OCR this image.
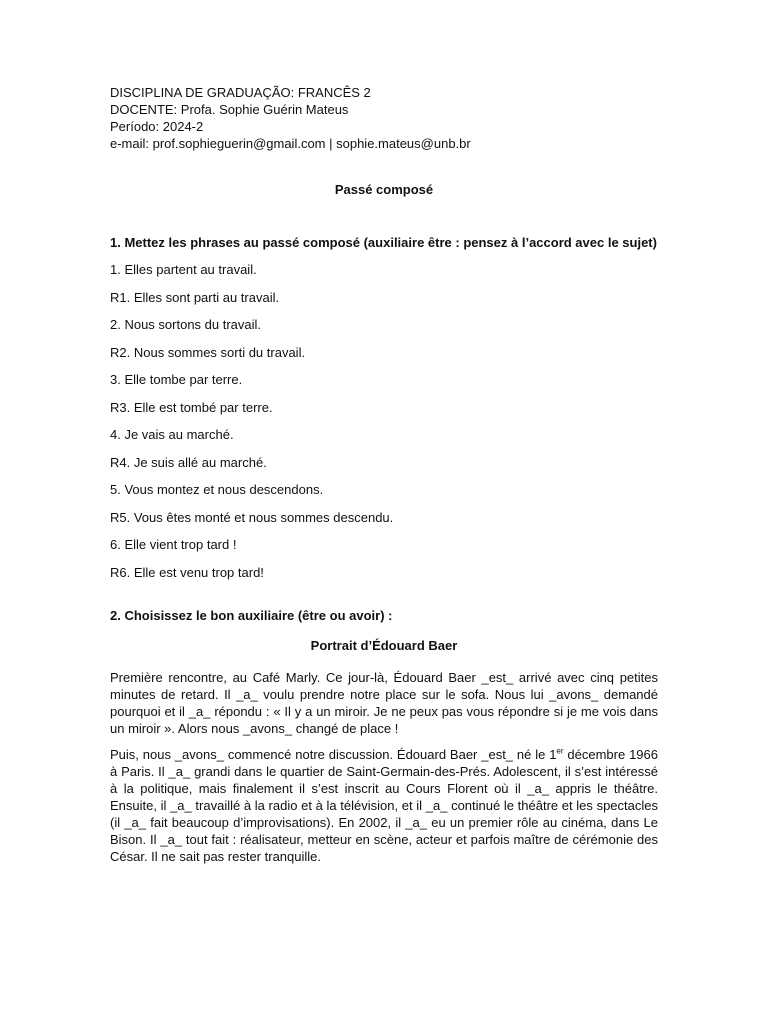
DISCIPLINA DE GRADUAÇÃO: FRANCÊS 2

DOCENTE: Profa. Sophie Guérin Mateus

Período: 2024-2

e-mail: prof.sophieguerin@gmail.com | sophie.mateus@unb.br

Passé composé

1. Mettez les phrases au passé composé (auxiliaire être : pensez à l’accord avec le sujet)

1. Elles partent au travail.

R1. Elles sont parti au travail.

2. Nous sortons du travail.

R2. Nous sommes sorti du travail.

3. Elle tombe par terre.

R3. Elle est tombé par terre.

4. Je vais au marché.

R4. Je suis allé au marché.

5. Vous montez et nous descendons.

R5. Vous êtes monté et nous sommes descendu.

6. Elle vient trop tard !

R6. Elle est venu trop tard!

2. Choisissez le bon auxiliaire (être ou avoir) :

Portrait d’Édouard Baer

Première rencontre, au Café Marly. Ce jour-là, Édouard Baer _est_ arrivé avec cinq petites minutes de retard. Il _a_ voulu prendre notre place sur le sofa. Nous lui _avons_ demandé pourquoi et il _a_ répondu : « Il y a un miroir. Je ne peux pas vous répondre si je me vois dans un miroir ». Alors nous _avons_ changé de place !

Puis, nous _avons_ commencé notre discussion. Édouard Baer _est_ né le 1er décembre 1966 à Paris. Il _a_ grandi dans le quartier de Saint-Germain-des-Prés. Adolescent, il s’est intéressé à la politique, mais finalement il s’est inscrit au Cours Florent où il _a_ appris le théâtre. Ensuite, il _a_ travaillé à la radio et à la télévision, et il _a_ continué le théâtre et les spectacles (il _a_ fait beaucoup d’improvisations). En 2002, il _a_ eu un premier rôle au cinéma, dans Le Bison. Il _a_ tout fait : réalisateur, metteur en scène, acteur et parfois maître de cérémonie des César. Il ne sait pas rester tranquille.
